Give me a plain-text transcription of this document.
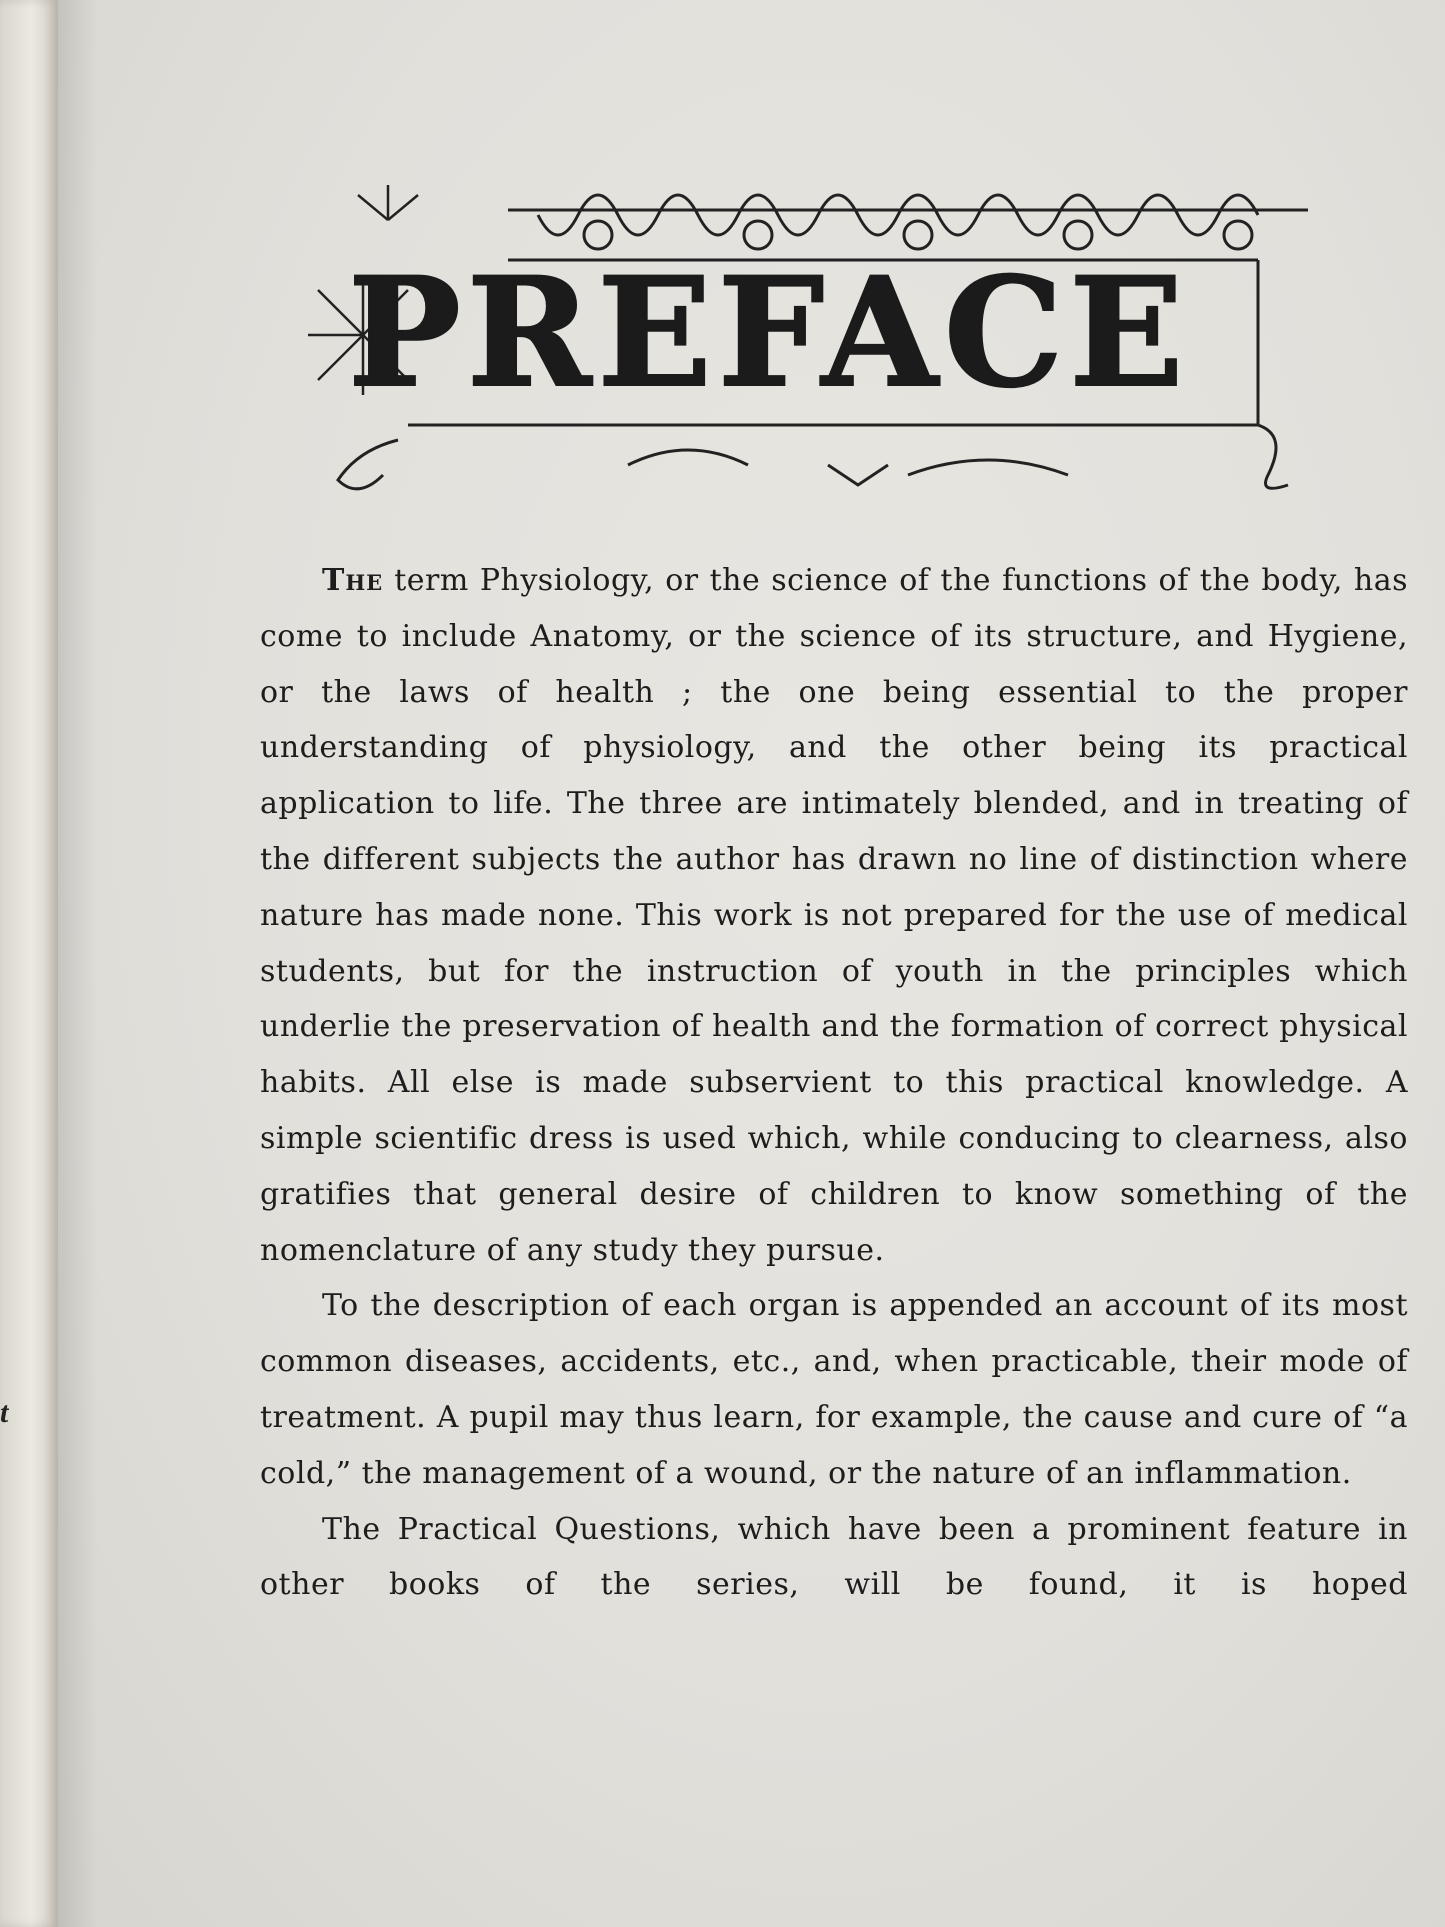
t
PREFACE

The term Physiology, or the science of the functions of the body, has come to include Anatomy, or the science of its structure, and Hygiene, or the laws of health ; the one being essential to the proper understanding of physiology, and the other being its practical application to life. The three are intimately blended, and in treating of the different subjects the author has drawn no line of distinction where nature has made none. This work is not prepared for the use of medical students, but for the instruction of youth in the principles which underlie the preservation of health and the formation of correct physical habits. All else is made subservient to this practical knowledge. A simple scientific dress is used which, while conducing to clearness, also gratifies that general desire of children to know something of the nomenclature of any study they pursue.

To the description of each organ is appended an account of its most common diseases, accidents, etc., and, when practicable, their mode of treatment. A pupil may thus learn, for example, the cause and cure of “a cold,” the management of a wound, or the nature of an inflammation.

The Practical Questions, which have been a prominent feature in other books of the series, will be found, it is hoped
